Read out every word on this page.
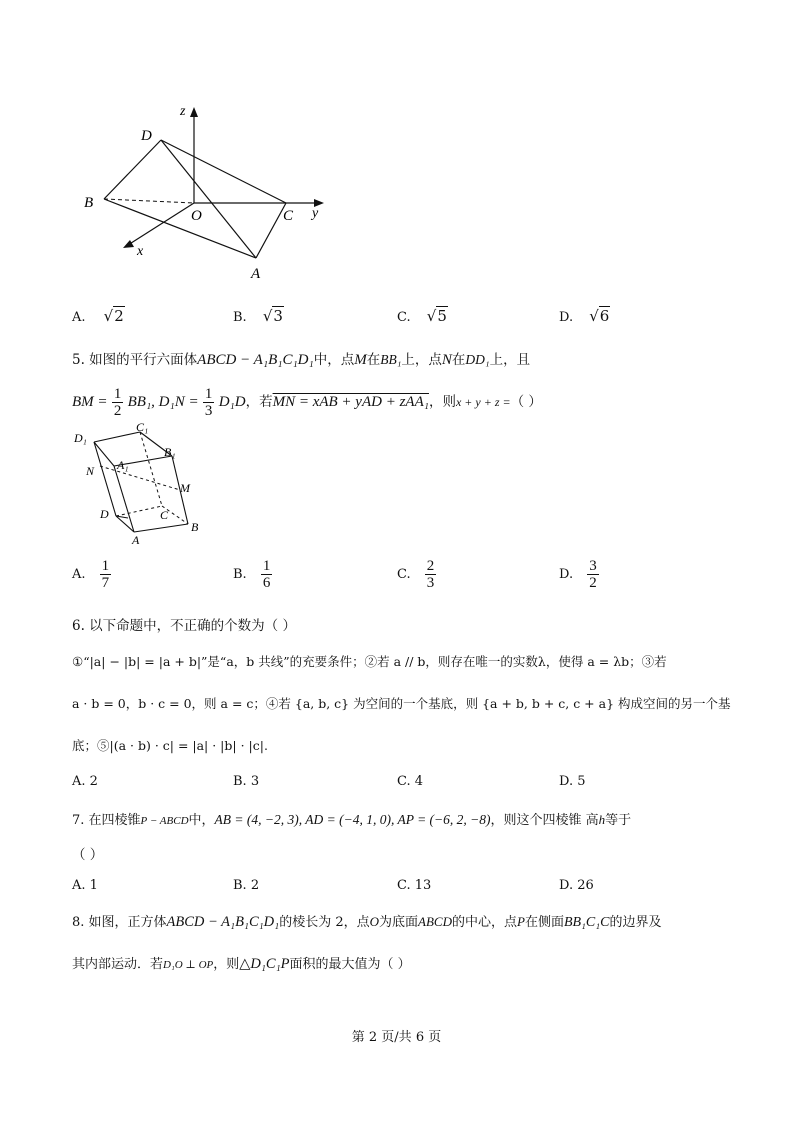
z
y
x
D
B
O	C
A
A. √2	B. √3	C. √5	D. √6
5. 如图的平行六面体ABCD − A₁B₁C₁D₁中，点M在BB₁上，点N在DD₁上，且
BM = $\frac{1}{2} BB_1$, $D_1N = \frac{1}{3} D_1D$，若MN = xAB + yAD + zAA₁，则x + y + z =（ ）
D₁
C₁
B₁
A₁
N
M
D	C
B
A
A. $\frac{1}{7}$	B. $\frac{1}{6}$	C. $\frac{2}{3}$	D. $\frac{3}{2}$
6. 以下命题中，不正确的个数为（ ）
①“|a| − |b| = |a + b|”是“a，b 共线”的充要条件；②若 a // b，则存在唯一的实数λ，使得 a = λb；③若
a · b = 0，b · c = 0，则 a = c；④若 {a, b, c} 为空间的一个基底，则 {a + b, b + c, c + a} 构成空间的另一个基
底；⑤|(a · b) · c| = |a| · |b| · |c|.
A. 2	B. 3	C. 4	D. 5
7. 在四棱锥P − ABCD中，AB = (4, −2, 3), AD = (−4, 1, 0), AP = (−6, 2, −8)，则这个四棱锥 高h等于
（ ）
A. 1	B. 2	C. 13	D. 26
8. 如图，正方体ABCD − A₁B₁C₁D₁的棱长为 2，点O为底面ABCD的中心，点P在侧面BB₁C₁C的边界及
其内部运动．若D₁O ⊥ OP，则△D₁C₁P面积的最大值为（ ）
第 2 页/共 6 页
